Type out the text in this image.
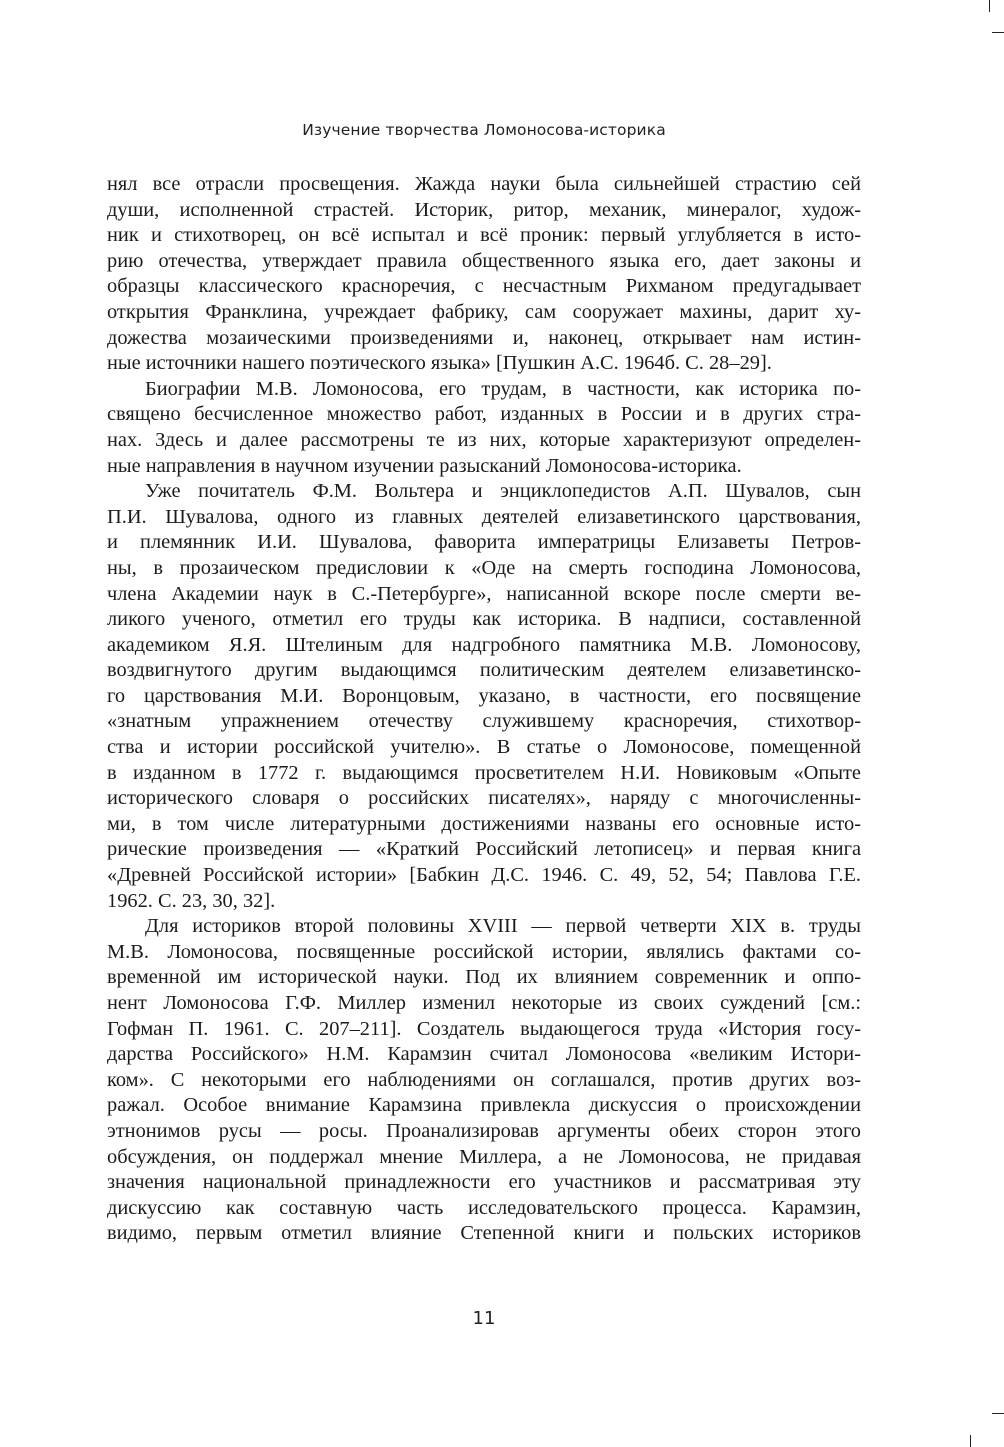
Изучение творчества Ломоносова-историка
нял все отрасли просвещения. Жажда науки была сильнейшей страстию сей
души, исполненной страстей. Историк, ритор, механик, минералог, худож-
ник и стихотворец, он всё испытал и всё проник: первый углубляется в исто-
рию отечества, утверждает правила общественного языка его, дает законы и
образцы классического красноречия, с несчастным Рихманом предугадывает
открытия Франклина, учреждает фабрику, сам сооружает махины, дарит ху-
дожества мозаическими произведениями и, наконец, открывает нам истин-
ные источники нашего поэтического языка» [Пушкин А.С. 1964б. С. 28–29].
Биографии М.В. Ломоносова, его трудам, в частности, как историка по-
священо бесчисленное множество работ, изданных в России и в других стра-
нах. Здесь и далее рассмотрены те из них, которые характеризуют определен-
ные направления в научном изучении разысканий Ломоносова-историка.
Уже почитатель Ф.М. Вольтера и энциклопедистов А.П. Шувалов, сын
П.И. Шувалова, одного из главных деятелей елизаветинского царствования,
и племянник И.И. Шувалова, фаворита императрицы Елизаветы Петров-
ны, в прозаическом предисловии к «Оде на смерть господина Ломоносова,
члена Академии наук в С.-Петербурге», написанной вскоре после смерти ве-
ликого ученого, отметил его труды как историка. В надписи, составленной
академиком Я.Я. Штелиным для надгробного памятника М.В. Ломоносову,
воздвигнутого другим выдающимся политическим деятелем елизаветинско-
го царствования М.И. Воронцовым, указано, в частности, его посвящение
«знатным упражнением отечеству служившему красноречия, стихотвор-
ства и истории российской учителю». В статье о Ломоносове, помещенной
в изданном в 1772 г. выдающимся просветителем Н.И. Новиковым «Опыте
исторического словаря о российских писателях», наряду с многочисленны-
ми, в том числе литературными достижениями названы его основные исто-
рические произведения — «Краткий Российский летописец» и первая книга
«Древней Российской истории» [Бабкин Д.С. 1946. С. 49, 52, 54; Павлова Г.Е.
1962. С. 23, 30, 32].
Для историков второй половины XVIII — первой четверти XIX в. труды
М.В. Ломоносова, посвященные российской истории, являлись фактами со-
временной им исторической науки. Под их влиянием современник и оппо-
нент Ломоносова Г.Ф. Миллер изменил некоторые из своих суждений [см.:
Гофман П. 1961. С. 207–211]. Создатель выдающегося труда «История госу-
дарства Российского» Н.М. Карамзин считал Ломоносова «великим Истори-
ком». С некоторыми его наблюдениями он соглашался, против других воз-
ражал. Особое внимание Карамзина привлекла дискуссия о происхождении
этнонимов русы — росы. Проанализировав аргументы обеих сторон этого
обсуждения, он поддержал мнение Миллера, а не Ломоносова, не придавая
значения национальной принадлежности его участников и рассматривая эту
дискуссию как составную часть исследовательского процесса. Карамзин,
видимо, первым отметил влияние Степенной книги и польских историков
11
